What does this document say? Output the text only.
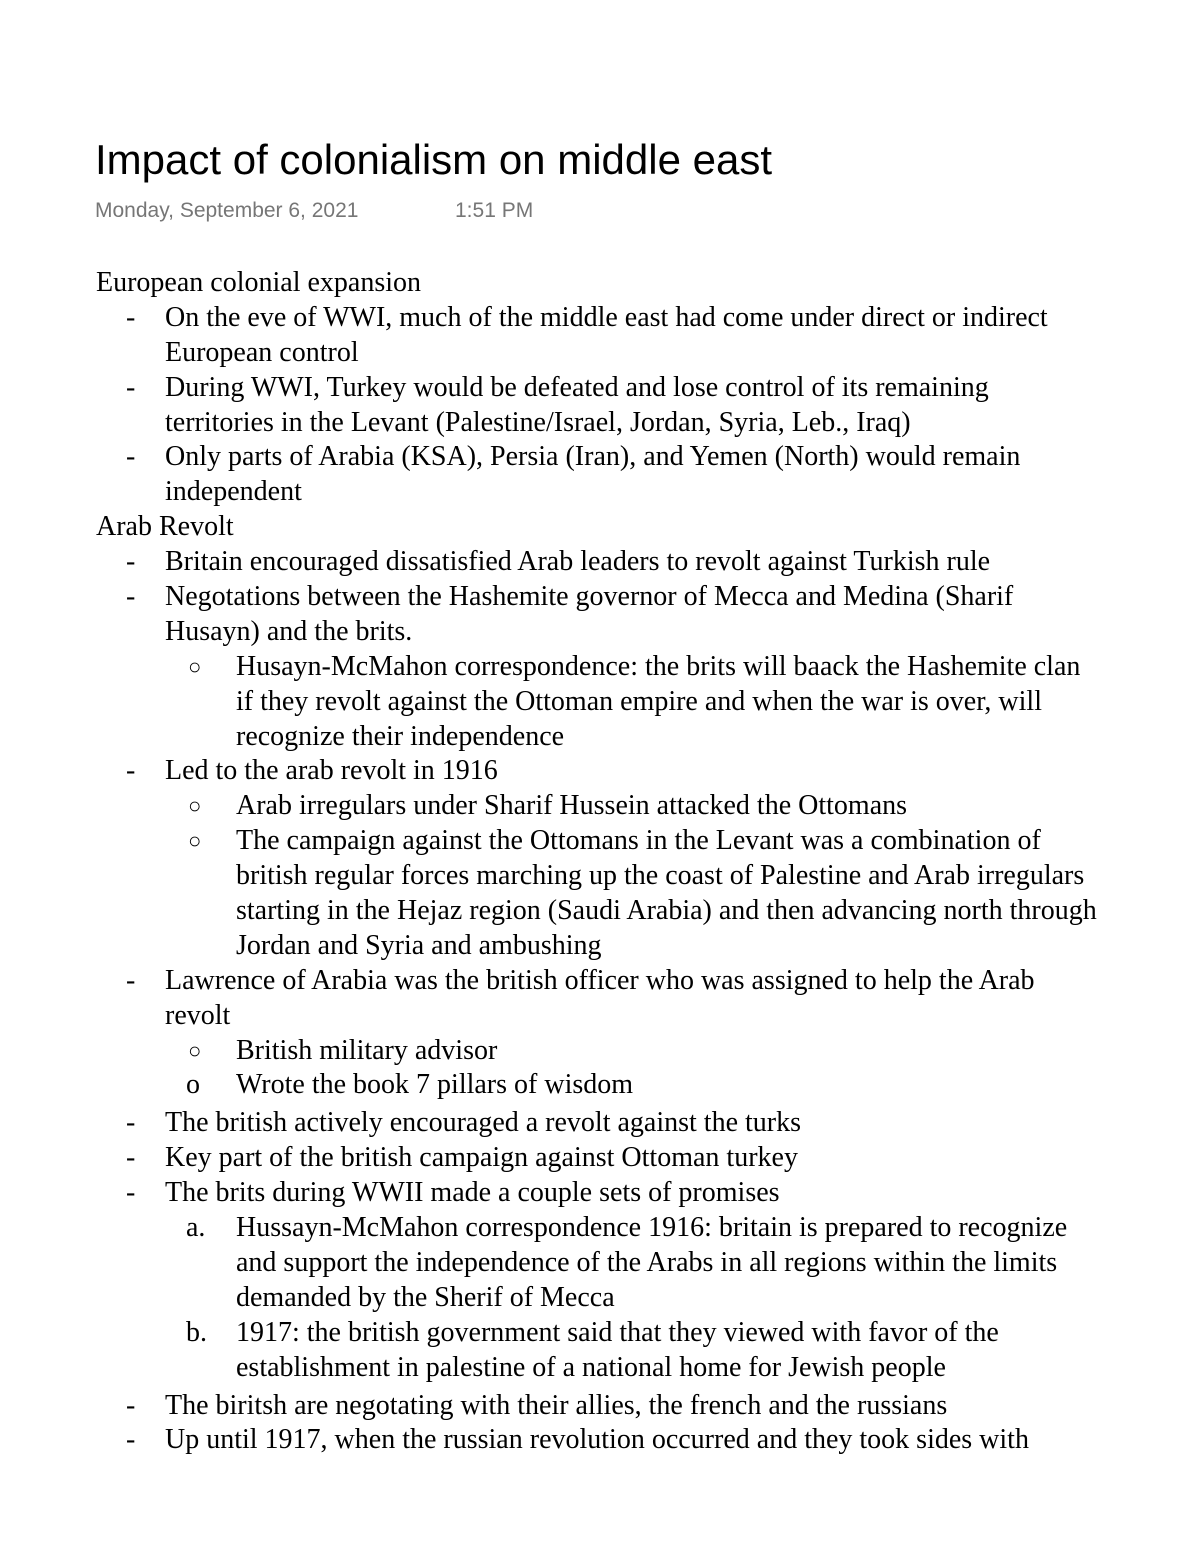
Impact of colonialism on middle east
Monday, September 6, 2021	1:51 PM
European colonial expansion
- On the eve of WWI, much of the middle east had come under direct or indirect
European control
- During WWI, Turkey would be defeated and lose control of its remaining
territories in the Levant (Palestine/Israel, Jordan, Syria, Leb., Iraq)
- Only parts of Arabia (KSA), Persia (Iran), and Yemen (North) would remain
independent
Arab Revolt
- Britain encouraged dissatisfied Arab leaders to revolt against Turkish rule
- Negotations between the Hashemite governor of Mecca and Medina (Sharif
Husayn) and the brits.
○ Husayn-McMahon correspondence: the brits will baack the Hashemite clan
if they revolt against the Ottoman empire and when the war is over, will
recognize their independence
- Led to the arab revolt in 1916
○ Arab irregulars under Sharif Hussein attacked the Ottomans
○ The campaign against the Ottomans in the Levant was a combination of
british regular forces marching up the coast of Palestine and Arab irregulars
starting in the Hejaz region (Saudi Arabia) and then advancing north through
Jordan and Syria and ambushing
- Lawrence of Arabia was the british officer who was assigned to help the Arab
revolt
○ British military advisor
o Wrote the book 7 pillars of wisdom
- The british actively encouraged a revolt against the turks
- Key part of the british campaign against Ottoman turkey
- The brits during WWII made a couple sets of promises
a. Hussayn-McMahon correspondence 1916: britain is prepared to recognize
and support the independence of the Arabs in all regions within the limits
demanded by the Sherif of Mecca
b. 1917: the british government said that they viewed with favor of the
establishment in palestine of a national home for Jewish people
- The biritsh are negotating with their allies, the french and the russians
- Up until 1917, when the russian revolution occurred and they took sides with
